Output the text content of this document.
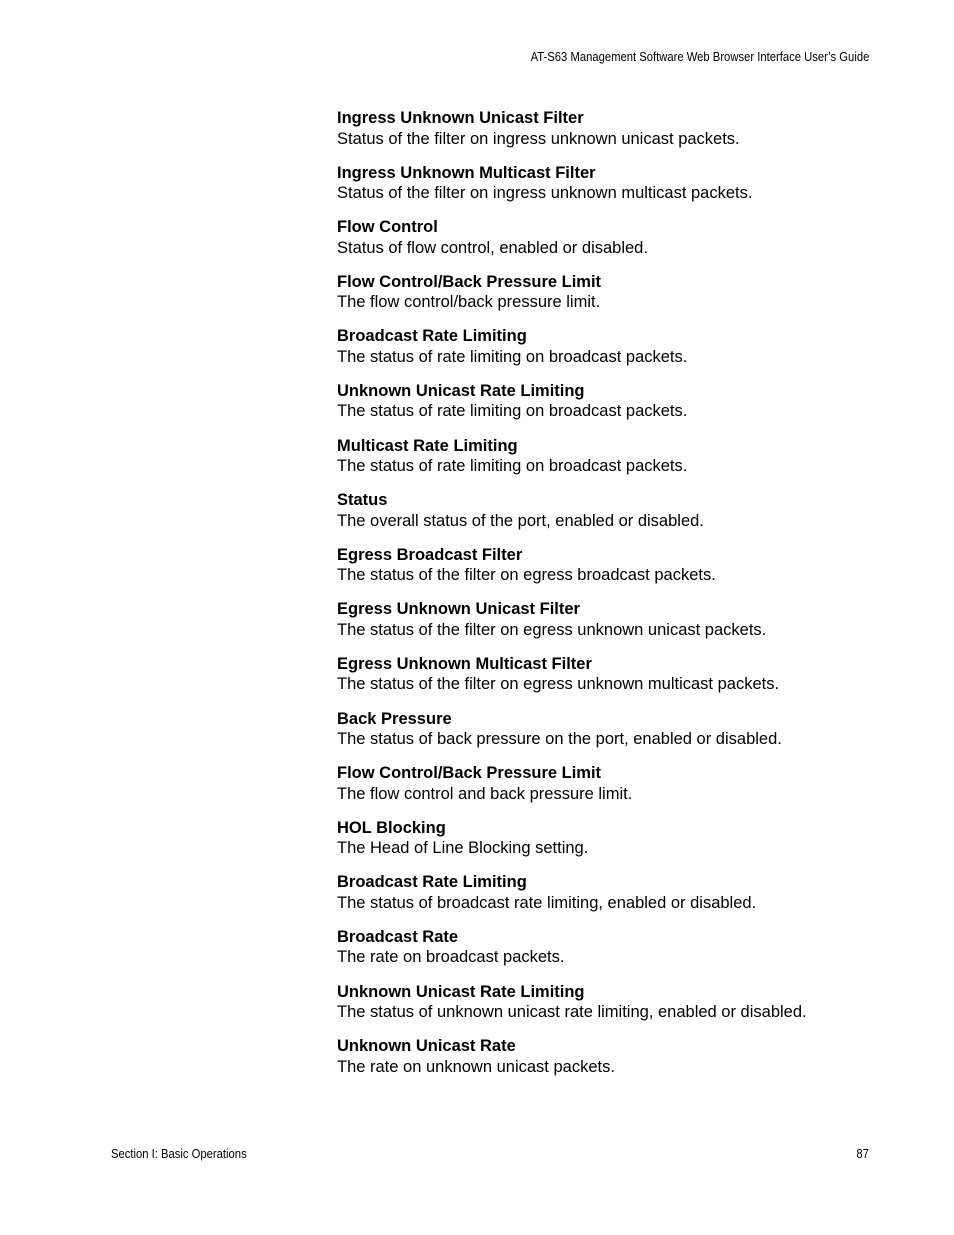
AT-S63 Management Software Web Browser Interface User’s Guide
Ingress Unknown Unicast Filter
Status of the filter on ingress unknown unicast packets.
Ingress Unknown Multicast Filter
Status of the filter on ingress unknown multicast packets.
Flow Control
Status of flow control, enabled or disabled.
Flow Control/Back Pressure Limit
The flow control/back pressure limit.
Broadcast Rate Limiting
The status of rate limiting on broadcast packets.
Unknown Unicast Rate Limiting
The status of rate limiting on broadcast packets.
Multicast Rate Limiting
The status of rate limiting on broadcast packets.
Status
The overall status of the port, enabled or disabled.
Egress Broadcast Filter
The status of the filter on egress broadcast packets.
Egress Unknown Unicast Filter
The status of the filter on egress unknown unicast packets.
Egress Unknown Multicast Filter
The status of the filter on egress unknown multicast packets.
Back Pressure
The status of back pressure on the port, enabled or disabled.
Flow Control/Back Pressure Limit
The flow control and back pressure limit.
HOL Blocking
The Head of Line Blocking setting.
Broadcast Rate Limiting
The status of broadcast rate limiting, enabled or disabled.
Broadcast Rate
The rate on broadcast packets.
Unknown Unicast Rate Limiting
The status of unknown unicast rate limiting, enabled or disabled.
Unknown Unicast Rate
The rate on unknown unicast packets.
Section I: Basic Operations	87
